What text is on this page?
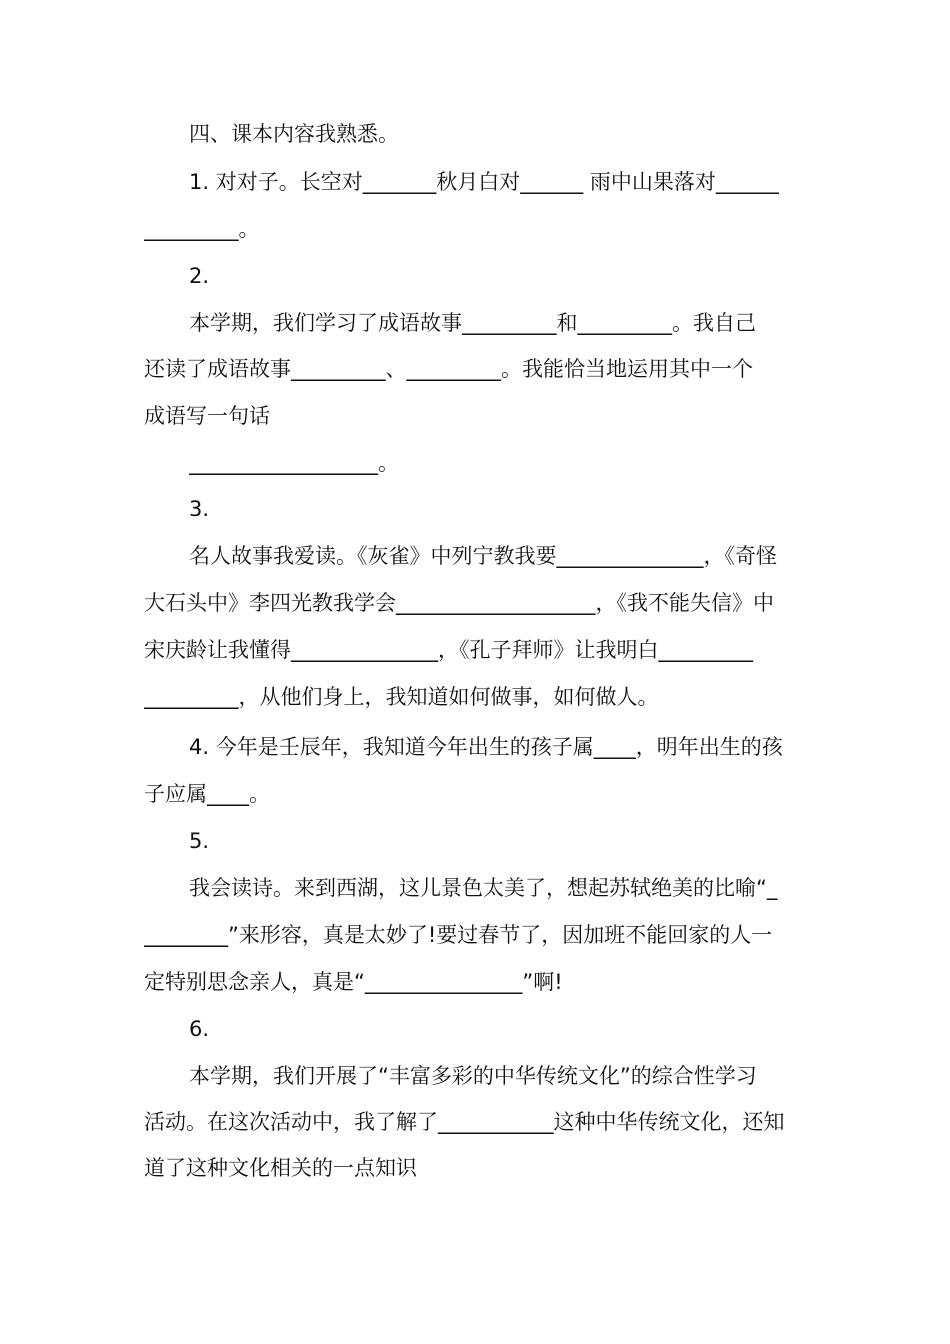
四、课本内容我熟悉。
1. 对对子。长空对_______秋月白对______ 雨中山果落对______
_________。
2.
本学期，我们学习了成语故事_________和_________。我自己
还读了成语故事_________、_________。我能恰当地运用其中一个
成语写一句话
__________________。
3.
名人故事我爱读。《灰雀》中列宁教我要______________，《奇怪
大石头中》李四光教我学会___________________，《我不能失信》中
宋庆龄让我懂得______________，《孔子拜师》让我明白_________
_________，从他们身上，我知道如何做事，如何做人。
4. 今年是壬辰年，我知道今年出生的孩子属____，明年出生的孩
子应属____。
5.
我会读诗。来到西湖，这儿景色太美了，想起苏轼绝美的比喻“_
________”来形容，真是太妙了!要过春节了，因加班不能回家的人一
定特别思念亲人，真是“_______________”啊!
6.
本学期，我们开展了“丰富多彩的中华传统文化”的综合性学习
活动。在这次活动中，我了解了___________这种中华传统文化，还知
道了这种文化相关的一点知识
